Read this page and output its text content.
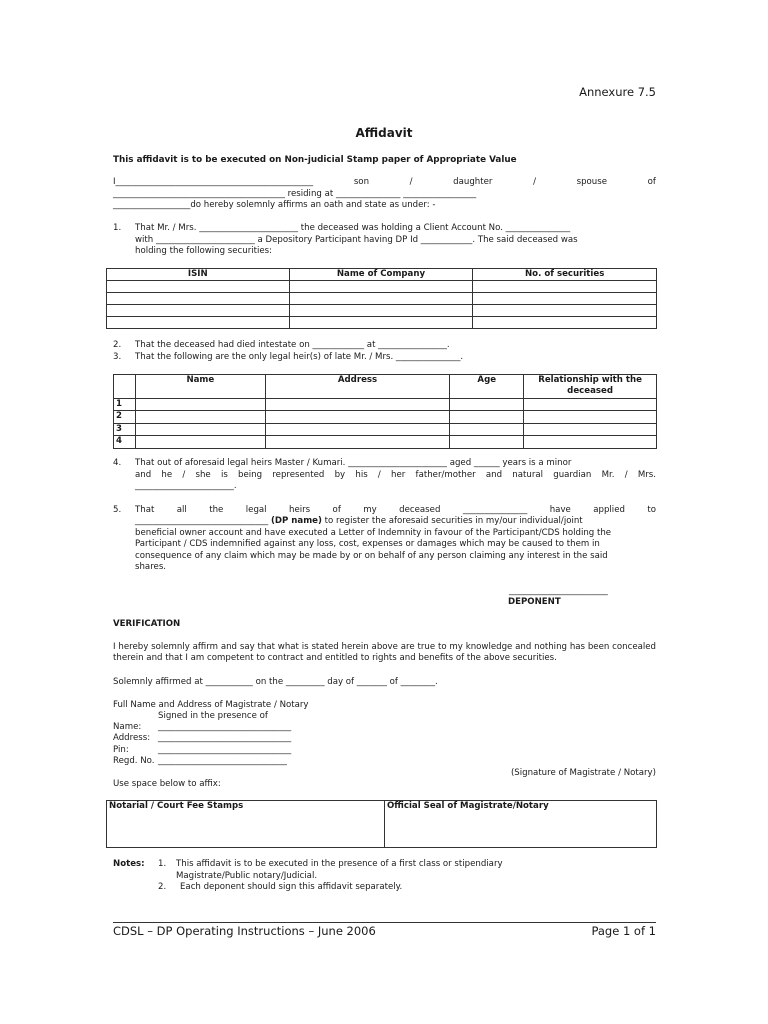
Annexure 7.5
Affidavit
This affidavit is to be executed on Non-judicial Stamp paper of Appropriate Value
I______________________________________________	son	/	daughter	/	spouse	of
________________________________________ residing at _______________ _________________
__________________do hereby solemnly affirms an oath and state as under: -
1. That Mr. / Mrs. _______________________ the deceased was holding a Client Account No. _______________
with _______________________ a Depository Participant having DP Id ____________. The said deceased was
holding the following securities:
ISIN	Name of Company	No. of securities

2. That the deceased had died intestate on ____________ at ________________.
3. That the following are the only legal heir(s) of late Mr. / Mrs. _______________.
	Name	Address	Age	Relationship with the deceased
1				
2				
3				
4				
4. That out of aforesaid legal heirs Master / Kumari. _______________________ aged ______ years is a minor
and he / she is being represented by his / her father/mother and natural guardian Mr. / Mrs.
_______________________.
5. That all the legal heirs of my deceased _______________ have applied to
_______________________________ (DP name) to register the aforesaid securities in my/our individual/joint
beneficial owner account and have executed a Letter of Indemnity in favour of the Participant/CDS holding the
Participant / CDS indemnified against any loss, cost, expenses or damages which may be caused to them in
consequence of any claim which may be made by or on behalf of any person claiming any interest in the said
shares.
_______________________
DEPONENT
VERIFICATION
I hereby solemnly affirm and say that what is stated herein above are true to my knowledge and nothing has been concealed therein and that I am competent to contract and entitled to rights and benefits of the above securities.
Solemnly affirmed at ___________ on the _________ day of _______ of ________.
Full Name and Address of Magistrate / Notary
Signed in the presence of
Name: _______________________________
Address: _______________________________
Pin:	_______________________________
Regd. No. ______________________________
(Signature of Magistrate / Notary)
Use space below to affix:
Notarial / Court Fee Stamps	Official Seal of Magistrate/Notary
Notes: 1. This affidavit is to be executed in the presence of a first class or stipendiary
Magistrate/Public notary/Judicial.
2. Each deponent should sign this affidavit separately.
CDSL – DP Operating Instructions – June 2006	Page 1 of 1
